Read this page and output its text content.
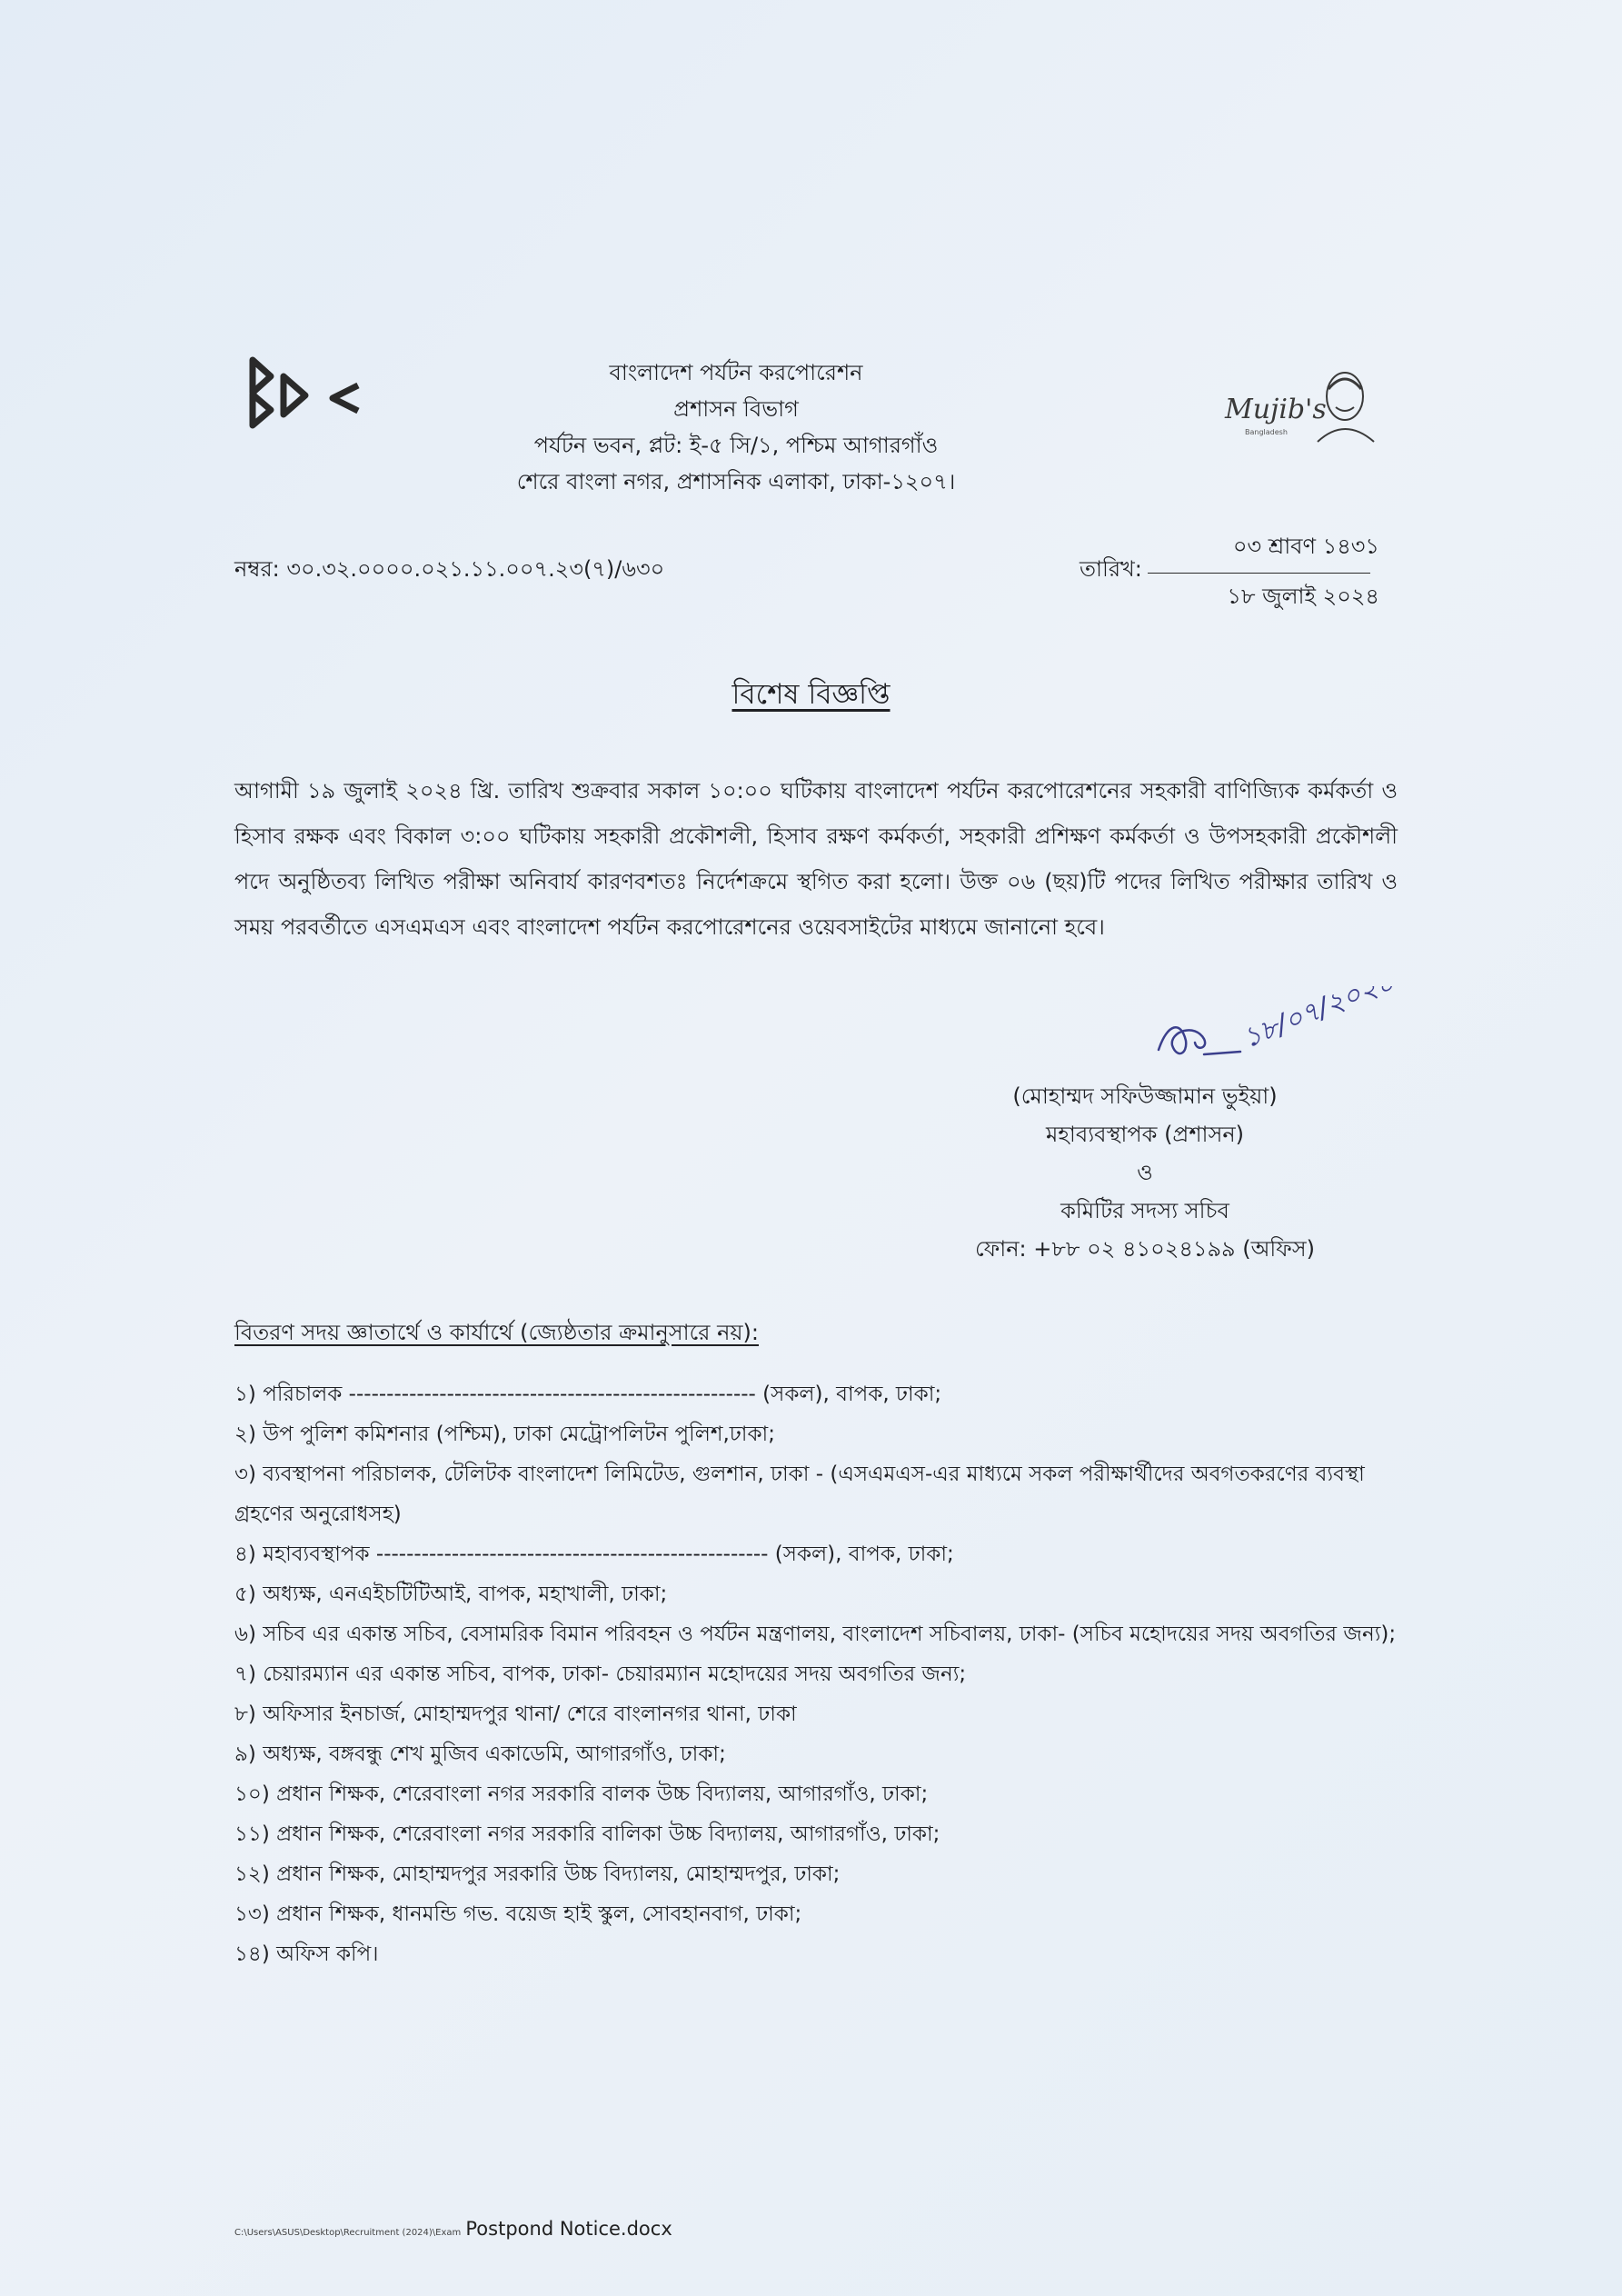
বাংলাদেশ পর্যটন করপোরেশন
প্রশাসন বিভাগ
পর্যটন ভবন, প্লট: ই-৫ সি/১, পশ্চিম আগারগাঁও
শেরে বাংলা নগর, প্রশাসনিক এলাকা, ঢাকা-১২০৭।
Mujib's
Bangladesh
নম্বর: ৩০.৩২.০০০০.০২১.১১.০০৭.২৩(৭)/৬৩০	তারিখ:
০৩ শ্রাবণ ১৪৩১
১৮ জুলাই ২০২৪
বিশেষ বিজ্ঞপ্তি

আগামী ১৯ জুলাই ২০২৪ খ্রি. তারিখ শুক্রবার সকাল ১০:০০ ঘটিকায় বাংলাদেশ পর্যটন করপোরেশনের সহকারী বাণিজ্যিক কর্মকর্তা ও হিসাব রক্ষক এবং বিকাল ৩:০০ ঘটিকায় সহকারী প্রকৌশলী, হিসাব রক্ষণ কর্মকর্তা, সহকারী প্রশিক্ষণ কর্মকর্তা ও উপসহকারী প্রকৌশলী পদে অনুষ্ঠিতব্য লিখিত পরীক্ষা অনিবার্য কারণবশতঃ নির্দেশক্রমে স্থগিত করা হলো। উক্ত ০৬ (ছয়)টি পদের লিখিত পরীক্ষার তারিখ ও সময় পরবর্তীতে এসএমএস এবং বাংলাদেশ পর্যটন করপোরেশনের ওয়েবসাইটের মাধ্যমে জানানো হবে।

১৮/০৭/২০২৪
(মোহাম্মদ সফিউজ্জামান ভুইয়া)
মহাব্যবস্থাপক (প্রশাসন)
ও
কমিটির সদস্য সচিব
ফোন: +৮৮ ০২ ৪১০২৪১৯৯ (অফিস)
বিতরণ সদয় জ্ঞাতার্থে ও কার্যার্থে (জ্যেষ্ঠতার ক্রমানুসারে নয়):
১) পরিচালক ------------------------------------------------------ (সকল), বাপক, ঢাকা;
২) উপ পুলিশ কমিশনার (পশ্চিম), ঢাকা মেট্রোপলিটন পুলিশ,ঢাকা;
৩) ব্যবস্থাপনা পরিচালক, টেলিটক বাংলাদেশ লিমিটেড, গুলশান, ঢাকা - (এসএমএস-এর মাধ্যমে সকল পরীক্ষার্থীদের অবগতকরণের ব্যবস্থা গ্রহণের অনুরোধসহ)
৪) মহাব্যবস্থাপক ---------------------------------------------------- (সকল), বাপক, ঢাকা;
৫) অধ্যক্ষ, এনএইচটিটিআই, বাপক, মহাখালী, ঢাকা;
৬) সচিব এর একান্ত সচিব, বেসামরিক বিমান পরিবহন ও পর্যটন মন্ত্রণালয়, বাংলাদেশ সচিবালয়, ঢাকা- (সচিব মহোদয়ের সদয় অবগতির জন্য);
৭) চেয়ারম্যান এর একান্ত সচিব, বাপক, ঢাকা- চেয়ারম্যান মহোদয়ের সদয় অবগতির জন্য;
৮) অফিসার ইনচার্জ, মোহাম্মদপুর থানা/ শেরে বাংলানগর থানা, ঢাকা
৯) অধ্যক্ষ, বঙ্গবন্ধু শেখ মুজিব একাডেমি, আগারগাঁও, ঢাকা;
১০) প্রধান শিক্ষক, শেরেবাংলা নগর সরকারি বালক উচ্চ বিদ্যালয়, আগারগাঁও, ঢাকা;
১১) প্রধান শিক্ষক, শেরেবাংলা নগর সরকারি বালিকা উচ্চ বিদ্যালয়, আগারগাঁও, ঢাকা;
১২) প্রধান শিক্ষক, মোহাম্মদপুর সরকারি উচ্চ বিদ্যালয়, মোহাম্মদপুর, ঢাকা;
১৩) প্রধান শিক্ষক, ধানমন্ডি গভ. বয়েজ হাই স্কুল, সোবহানবাগ, ঢাকা;
১৪) অফিস কপি।
C:\Users\ASUS\Desktop\Recruitment (2024)\Exam Postpond Notice.docx
